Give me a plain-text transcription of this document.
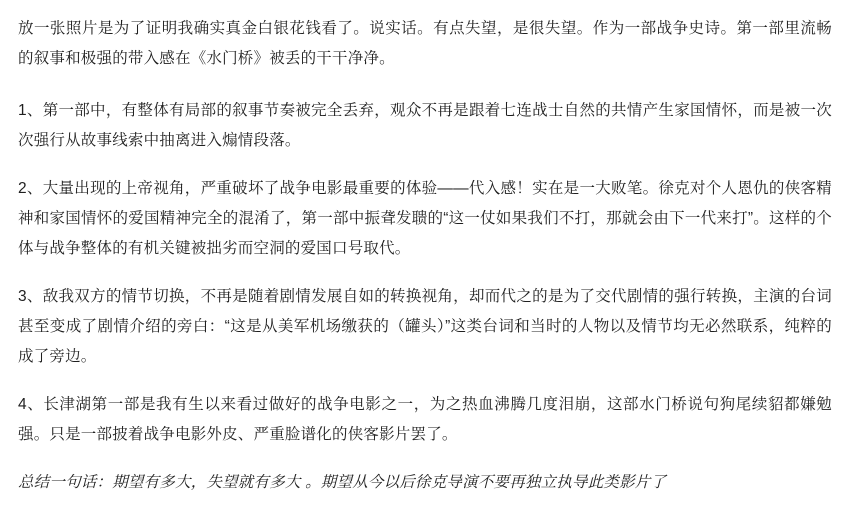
放一张照片是为了证明我确实真金白银花钱看了。说实话。有点失望，是很失望。作为一部战争史诗。第一部里流畅的叙事和极强的带入感在《水门桥》被丢的干干净净。

1、第一部中，有整体有局部的叙事节奏被完全丢弃，观众不再是跟着七连战士自然的共情产生家国情怀，而是被一次次强行从故事线索中抽离进入煽情段落。

2、大量出现的上帝视角，严重破坏了战争电影最重要的体验——代入感！实在是一大败笔。徐克对个人恩仇的侠客精神和家国情怀的爱国精神完全的混淆了，第一部中振聋发聩的“这一仗如果我们不打，那就会由下一代来打”。这样的个体与战争整体的有机关键被拙劣而空洞的爱国口号取代。

3、敌我双方的情节切换，不再是随着剧情发展自如的转换视角，却而代之的是为了交代剧情的强行转换，主演的台词甚至变成了剧情介绍的旁白：“这是从美军机场缴获的（罐头）”这类台词和当时的人物以及情节均无必然联系，纯粹的成了旁边。

4、长津湖第一部是我有生以来看过做好的战争电影之一，为之热血沸腾几度泪崩，这部水门桥说句狗尾续貂都嫌勉强。只是一部披着战争电影外皮、严重脸谱化的侠客影片罢了。

总结一句话：期望有多大，失望就有多大 。期望从今以后徐克导演不要再独立执导此类影片了
